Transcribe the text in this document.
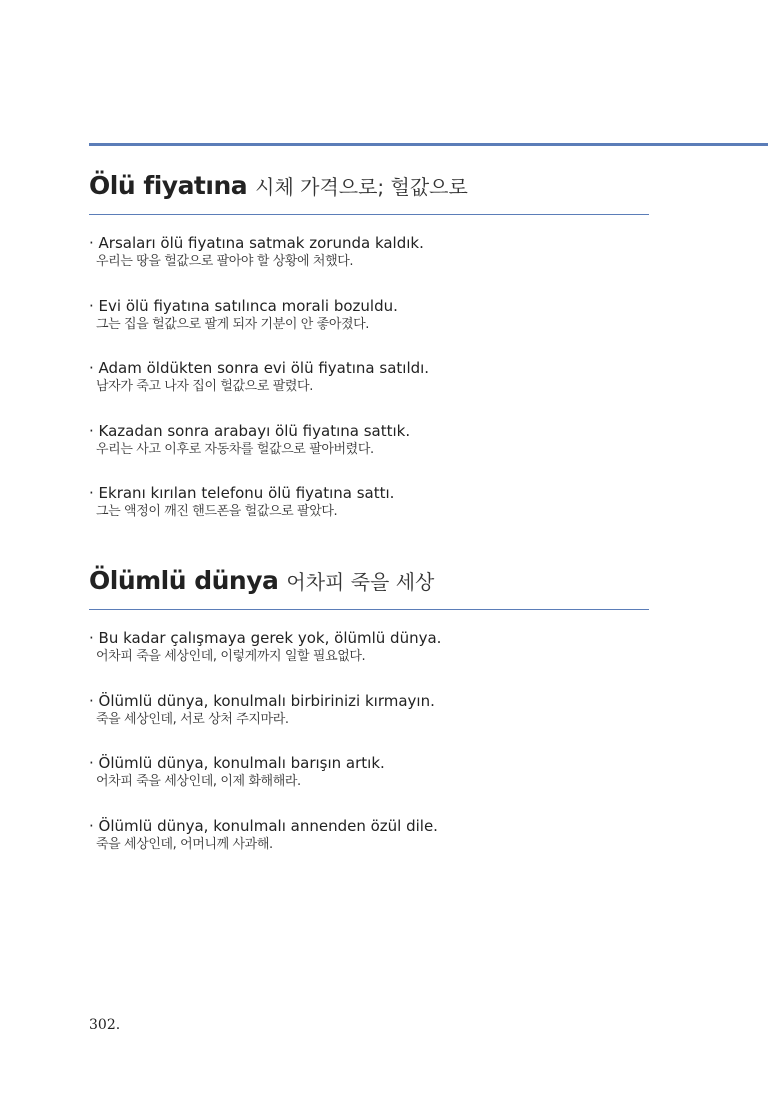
Ölü fiyatına 시체 가격으로; 헐값으로
· Arsaları ölü fiyatına satmak zorunda kaldık.
우리는 땅을 헐값으로 팔아야 할 상황에 처했다.
· Evi ölü fiyatına satılınca morali bozuldu.
그는 집을 헐값으로 팔게 되자 기분이 안 좋아졌다.
· Adam öldükten sonra evi ölü fiyatına satıldı.
남자가 죽고 나자 집이 헐값으로 팔렸다.
· Kazadan sonra arabayı ölü fiyatına sattık.
우리는 사고 이후로 자동차를 헐값으로 팔아버렸다.
· Ekranı kırılan telefonu ölü fiyatına sattı.
그는 액정이 깨진 핸드폰을 헐값으로 팔았다.
Ölümlü dünya 어차피 죽을 세상
· Bu kadar çalışmaya gerek yok, ölümlü dünya.
어차피 죽을 세상인데, 이렇게까지 일할 필요없다.
· Ölümlü dünya, konulmalı birbirinizi kırmayın.
죽을 세상인데, 서로 상처 주지마라.
· Ölümlü dünya, konulmalı barışın artık.
어차피 죽을 세상인데, 이제 화해해라.
· Ölümlü dünya, konulmalı annenden özül dile.
죽을 세상인데, 어머니께 사과해.
302.
